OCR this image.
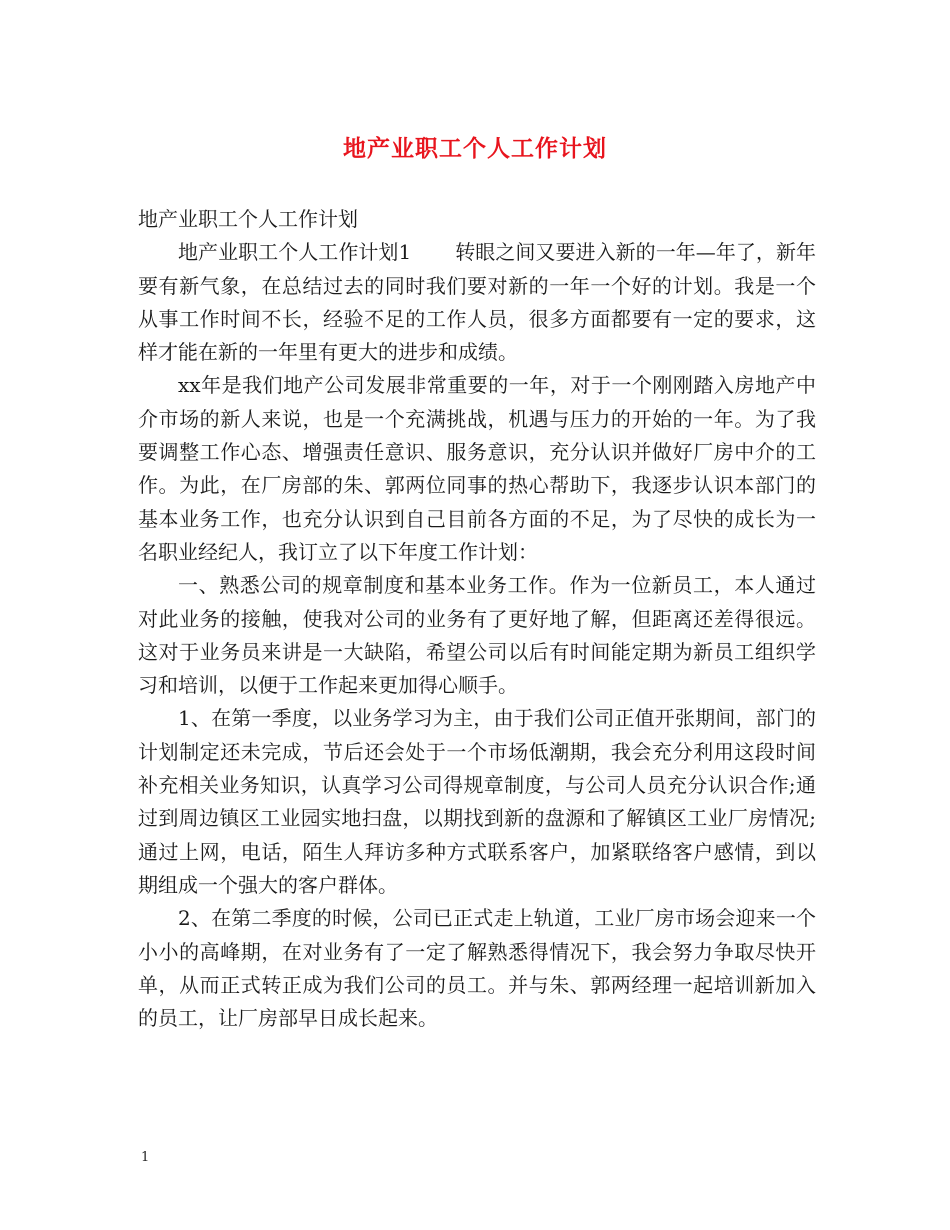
地产业职工个人工作计划

地产业职工个人工作计划

地产业职工个人工作计划1 转眼之间又要进入新的一年—年了，新年要有新气象，在总结过去的同时我们要对新的一年一个好的计划。我是一个从事工作时间不长，经验不足的工作人员，很多方面都要有一定的要求，这样才能在新的一年里有更大的进步和成绩。

xx年是我们地产公司发展非常重要的一年，对于一个刚刚踏入房地产中介市场的新人来说，也是一个充满挑战，机遇与压力的开始的一年。为了我要调整工作心态、增强责任意识、服务意识，充分认识并做好厂房中介的工作。为此，在厂房部的朱、郭两位同事的热心帮助下，我逐步认识本部门的基本业务工作，也充分认识到自己目前各方面的不足，为了尽快的成长为一名职业经纪人，我订立了以下年度工作计划：

一、熟悉公司的规章制度和基本业务工作。作为一位新员工，本人通过对此业务的接触，使我对公司的业务有了更好地了解，但距离还差得很远。这对于业务员来讲是一大缺陷，希望公司以后有时间能定期为新员工组织学习和培训，以便于工作起来更加得心顺手。

1、在第一季度，以业务学习为主，由于我们公司正值开张期间，部门的计划制定还未完成，节后还会处于一个市场低潮期，我会充分利用这段时间补充相关业务知识，认真学习公司得规章制度，与公司人员充分认识合作;通过到周边镇区工业园实地扫盘，以期找到新的盘源和了解镇区工业厂房情况;通过上网，电话，陌生人拜访多种方式联系客户，加紧联络客户感情，到以期组成一个强大的客户群体。

2、在第二季度的时候，公司已正式走上轨道，工业厂房市场会迎来一个小小的高峰期，在对业务有了一定了解熟悉得情况下，我会努力争取尽快开单，从而正式转正成为我们公司的员工。并与朱、郭两经理一起培训新加入的员工，让厂房部早日成长起来。

1
